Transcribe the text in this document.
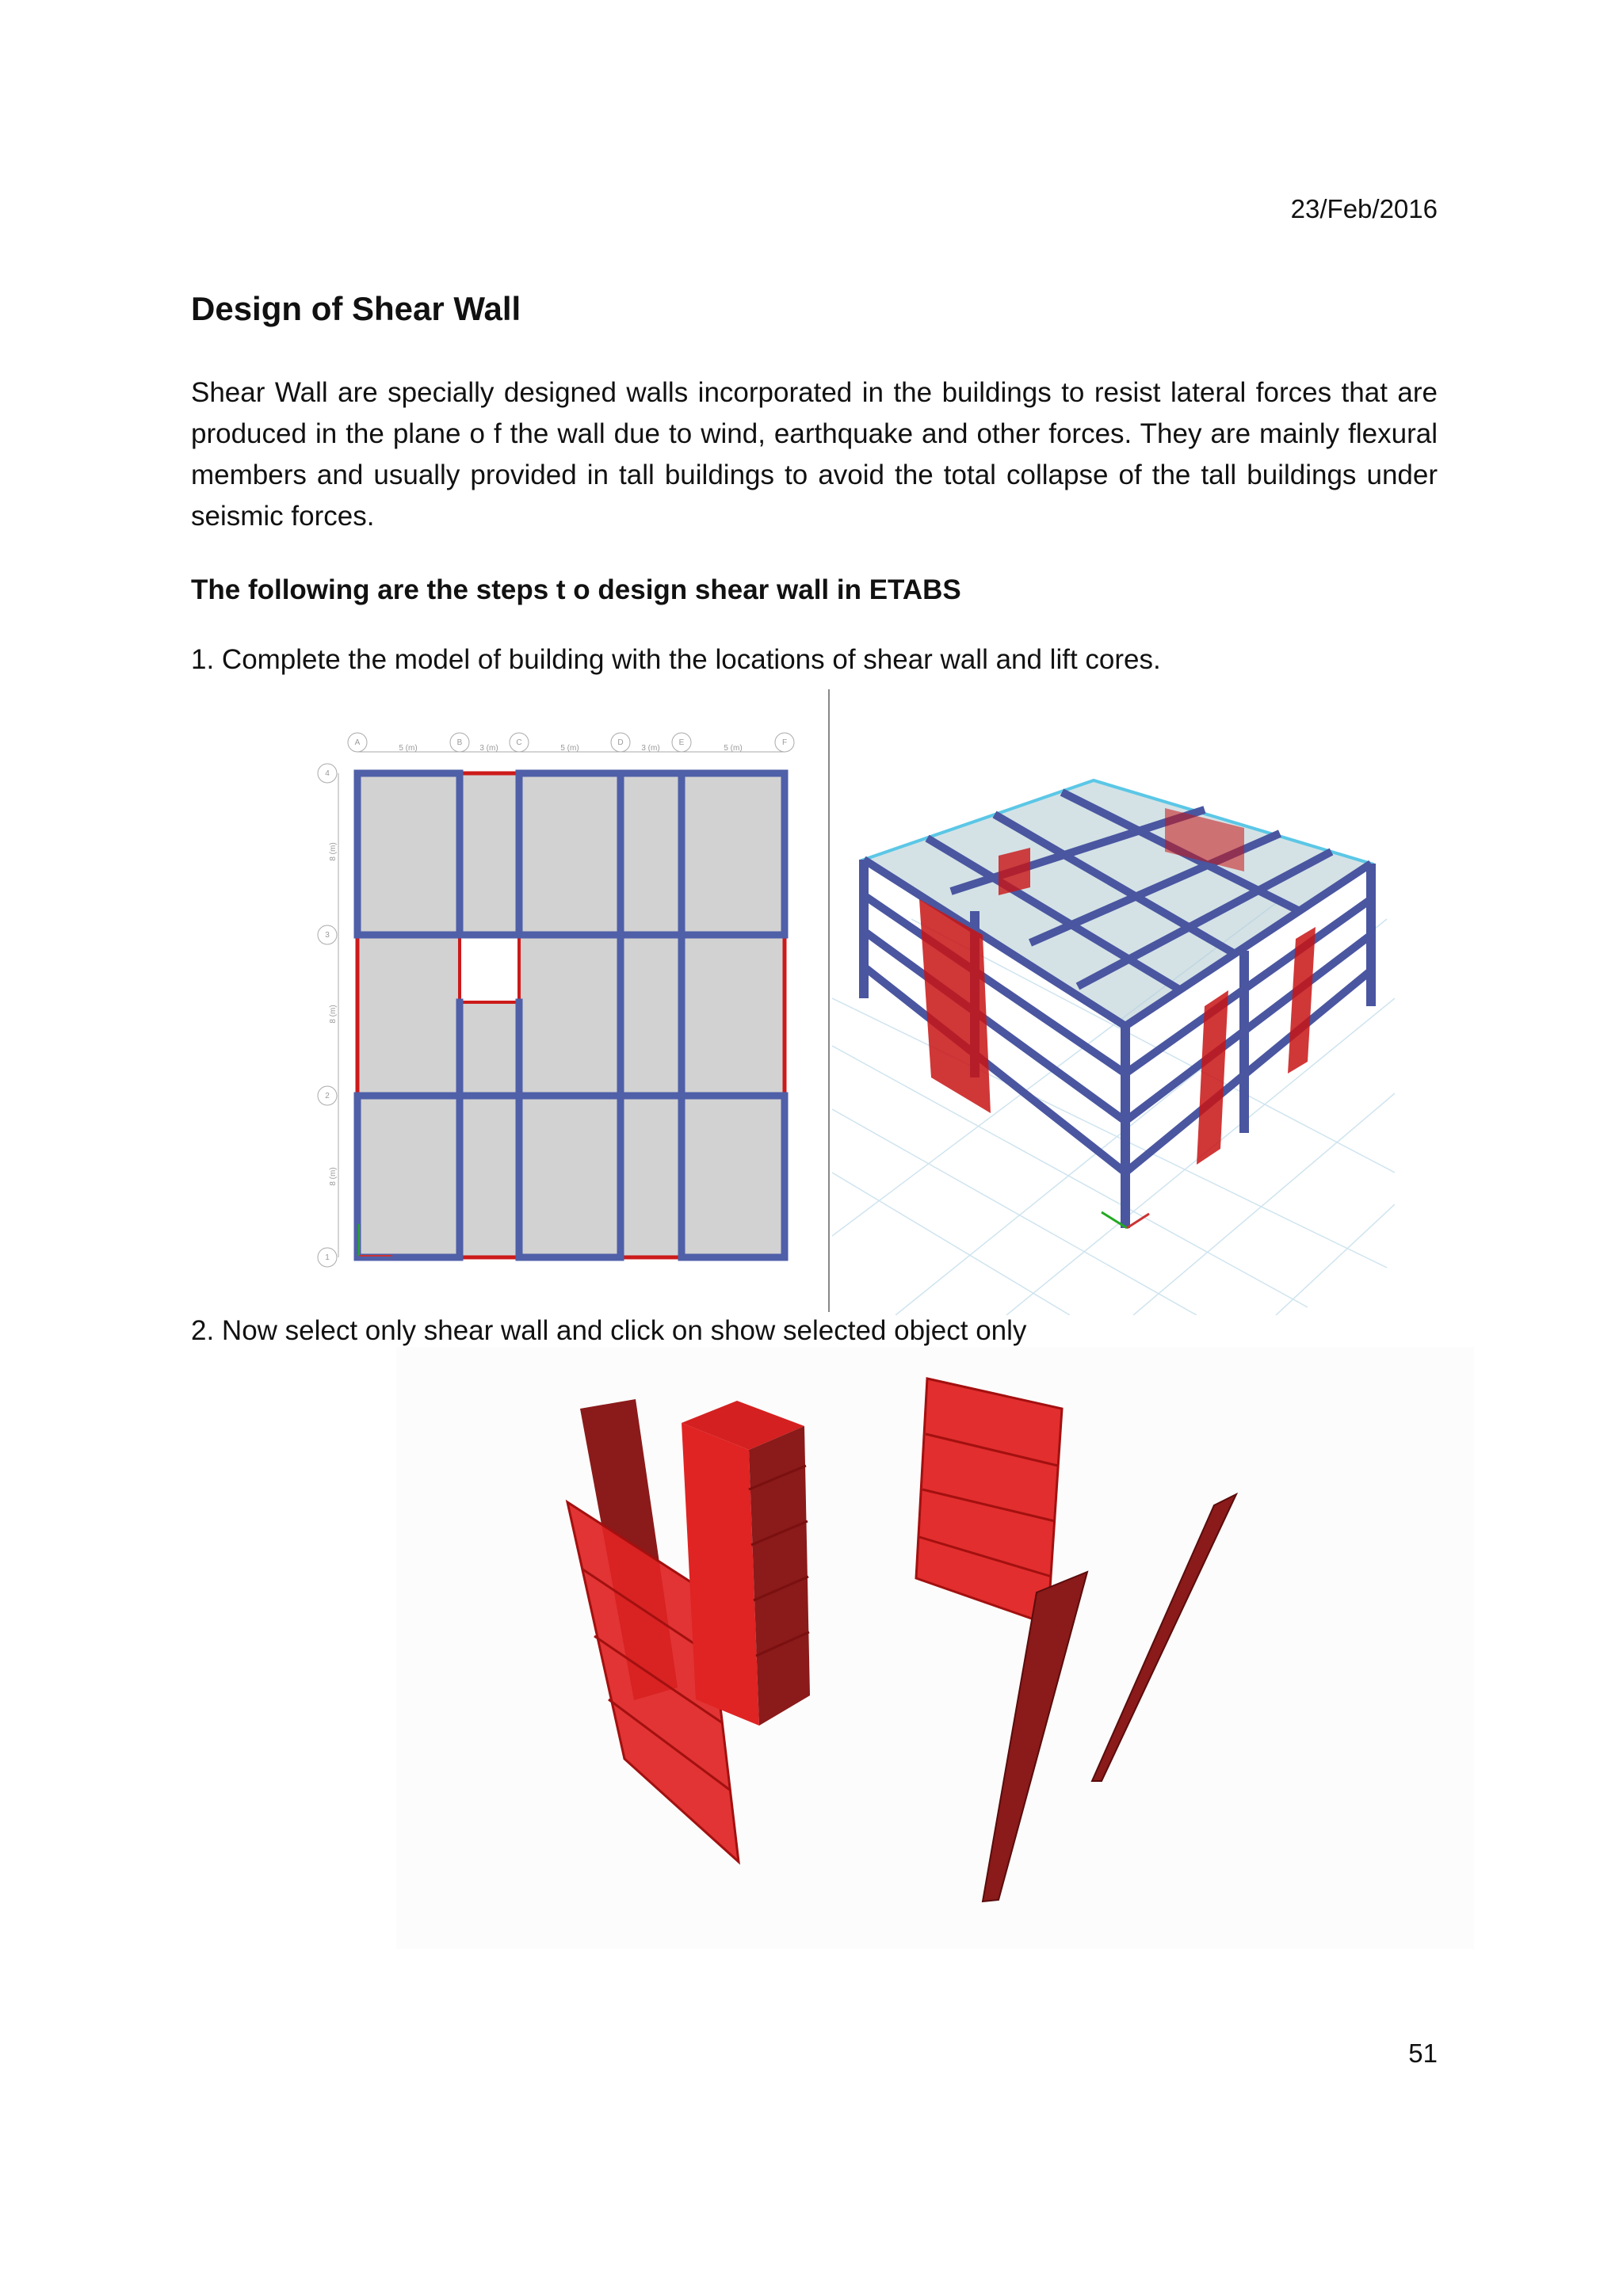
23/Feb/2016
Design of Shear Wall

Shear Wall are specially designed walls incorporated in the buildings to resist lateral forces that are produced in the plane o f the wall due to wind, earthquake and other forces. They are mainly flexural members and usually provided in tall buildings to avoid the total collapse of the tall buildings under seismic forces.

The following are the steps t o design shear wall in ETABS

1. Complete the model of building with the locations of shear wall and lift cores.

A	B	C	D	E	F
4
3
2
1
5 (m)	3 (m)	5 (m)	3 (m)	5 (m)
8 (m)
8 (m)
8 (m)

2. Now select only shear wall and click on show selected object only

51
